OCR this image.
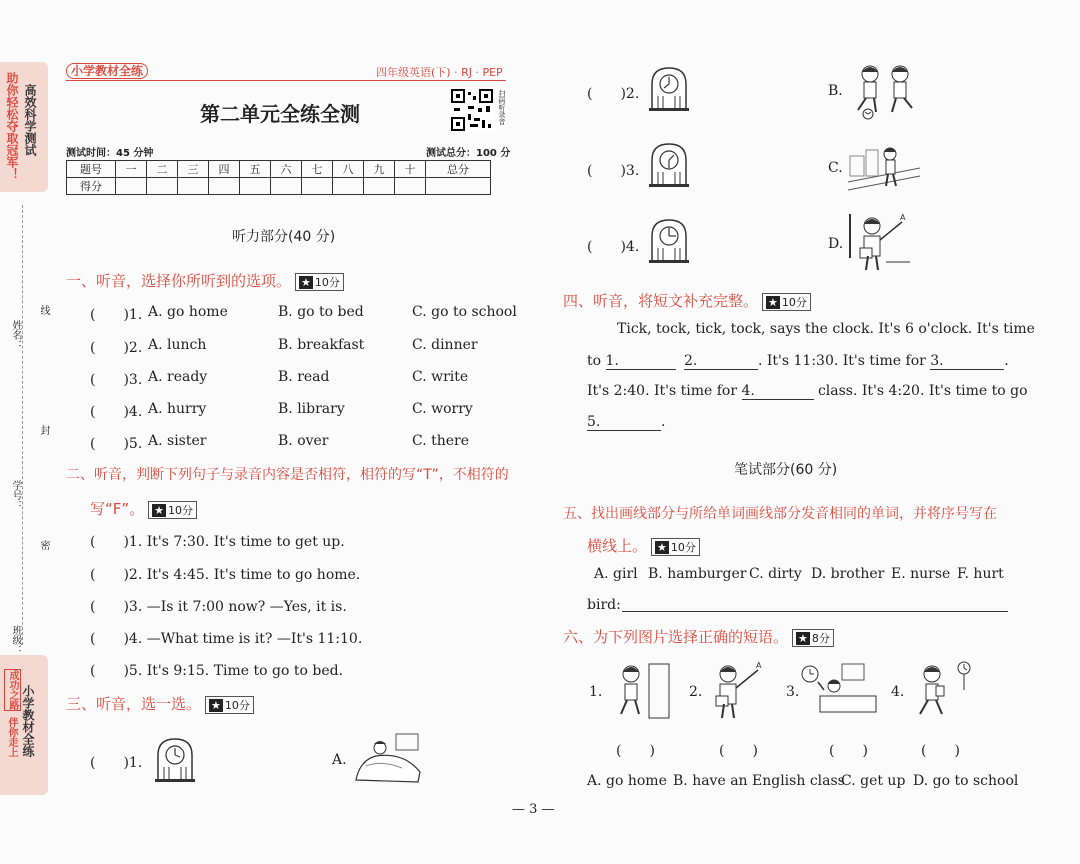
高效科学测试
助你轻松夺取冠军！
姓名：
线
封
学号：
密
班级：
小学教材全练
伴你走上
成功之路
小学教材全练	四年级英语(下) · RJ · PEP
第二单元全练全测	扫码听录音
测试时间：45 分钟	测试总分：100 分
题号	一	二	三	四	五	六	七	八	九	十	总分
得分											
听力部分(40 分)
一、听音，选择你所听到的选项。 ★ 10分
(　　)1. A. go home	B. go to bed	C. go to school
(　　)2. A. lunch	B. breakfast	C. dinner
(　　)3. A. ready	B. read	C. write
(　　)4. A. hurry	B. library	C. worry
(　　)5. A. sister	B. over	C. there
二、听音，判断下列句子与录音内容是否相符，相符的写“T”，不相符的
写“F”。 ★ 10分
(　　)1. It's 7:30. It's time to get up.
(　　)2. It's 4:45. It's time to go home.
(　　)3. —Is it 7:00 now? —Yes, it is.
(　　)4. —What time is it? —It's 11:10.
(　　)5. It's 9:15. Time to go to bed.
三、听音，选一选。 ★ 10分
(　　)1.	A.
(　　)2.	B.
(　　)3.	C.
(　　)4.	D.
A
四、听音，将短文补充完整。 ★ 10分
Tick, tock, tick, tock, says the clock. It's 6 o'clock. It's time
to 1.	2.	. It's 11:30. It's time for 3.	.
It's 2:40. It's time for 4.	class. It's 4:20. It's time to go
5.	.
笔试部分(60 分)
五、找出画线部分与所给单词画线部分发音相同的单词，并将序号写在
横线上。 ★ 10分
A. girl B. hamburger C. dirty D. brother E. nurse F. hurt
bird:
六、为下列图片选择正确的短语。 ★ 8分
1.	2.
A
3.	4.
(　　)	(　　)	(　　)	(　　)
A. go home B. have an English class
C. get up D. go to school
— 3 —
